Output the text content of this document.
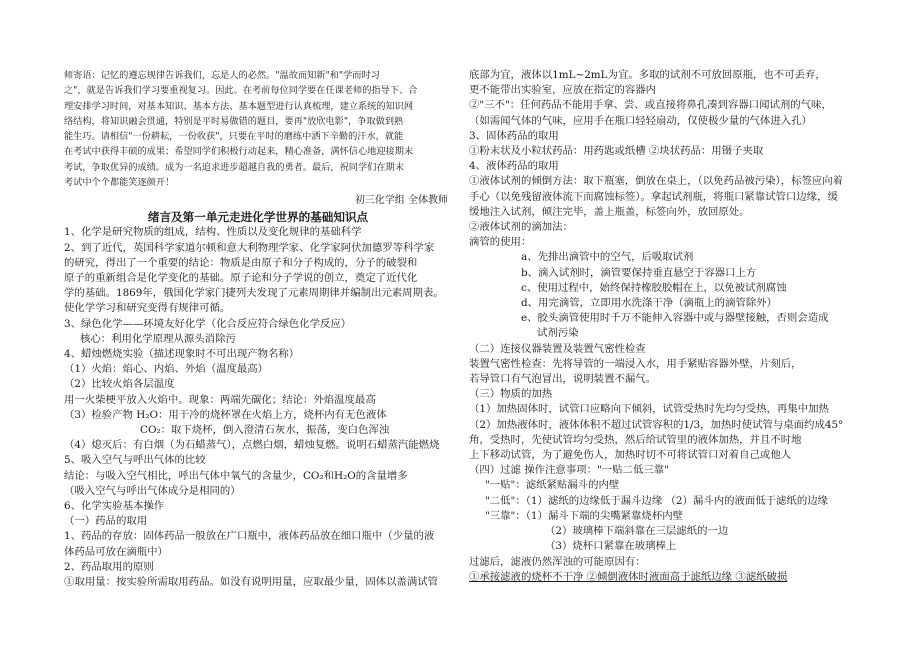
师寄语：记忆的遵忘规律告诉我们，忘是人的必然。"温故而知新"和"学而时习
之"，就是告诉我们学习要重视复习。因此。在考前每位同学要在任课老师的指导下、合
理安排学习时间，对基本知识、基本方法、基本题型进行认真梳理，建立系统的知识网
络结构，将知识融会贯通，特别是平时易做错的题目，要再"放欣电影"，争取做到熟
能生巧。请相信"一份耕耘，一份收获"，只要在平时的磨练中洒下辛勤的汗水，就能
在考试中获得丰硕的成果；希望同学们积极行动起来，精心准备，满怀信心地迎接期末
考试，争取优异的成绩。成为一名追求进步超越自我的勇者。最后，祝同学们在期末
考试中个个都能笑逐颜开！
初三化学组 全体教师
绪言及第一单元走进化学世界的基础知识点
1、化学是研究物质的组成，结构、性质以及变化规律的基础科学
2、到了近代，英国科学家道尔顿和意大利物理学家、化学家阿伏加德罗等科学家
的研究，得出了一个重要的结论：物质是由原子和分子构成的，分子的破裂和
原子的重新组合是化学变化的基础。原子论和分子学说的创立，奠定了近代化
学的基础。1869年，俄国化学家门捷列夫发现了元素周期律并编制出元素周期表。
使化学学习和研究变得有规律可循。
3、绿色化学——环境友好化学（化合反应符合绿色化学反应）
核心：利用化学原理从源头消除污
4、蜡烛燃烧实验（描述现象时不可出现产物名称）
（1）火焰：焰心、内焰、外焰（温度最高）
（2）比较火焰各层温度
用一火柴梗平放入火焰中。现象：两端先碳化；结论：外焰温度最高
（3）检验产物 H₂O：用干冷的烧杯罩在火焰上方，烧杯内有无色液体
CO₂：取下烧杯，倒入澄清石灰水，振荡，变白色浑浊
（4）熄灭后：有白烟（为石蜡蒸气），点燃白烟，蜡烛复燃。说明石蜡蒸汽能燃烧
5、吸入空气与呼出气体的比较
结论：与吸入空气相比，呼出气体中氧气的含量少，CO₂和H₂O的含量增多
（吸入空气与呼出气体成分是相同的）
6、化学实验基本操作
（一）药品的取用
1、药品的存放：固体药品一般放在广口瓶中，液体药品放在细口瓶中（少量的液
体药品可放在滴瓶中）
2、药品取用的原则
①取用量：按实验所需取用药品。如没有说明用量，应取最少量，固体以盖满试管
底部为宜，液体以1mL~2mL为宜。多取的试剂不可放回原瓶，也不可丢弃，
更不能带出实验室，应放在指定的容器内
②"三不"：任何药品不能用手拿、尝、或直接将鼻孔凑到容器口闻试剂的气味，
（如需闻气体的气味，应用手在瓶口轻轻扇动，仅使极少量的气体进入孔）
3、固体药品的取用
①粉末状及小粒状药品：用药匙或纸槽 ②块状药品：用镊子夹取
4、液体药品的取用
①液体试剂的倾倒方法：取下瓶塞，倒放在桌上，（以免药品被污染），标签应向着
手心（以免残留液体流下而腐蚀标签）。拿起试剂瓶，将瓶口紧靠试管口边缘，缓
缓地注入试剂，倾注完毕，盖上瓶盖，标签向外，放回原处。
②液体试剂的滴加法：
滴管的使用：
a、先排出滴管中的空气，后吸取试剂
b、滴入试剂时，滴管要保持垂直悬空于容器口上方
c、使用过程中，始终保持橡胶胶帽在上，以免被试剂腐蚀
d、用完滴管，立即用水洗涤干净（滴瓶上的滴管除外）
e、胶头滴管使用时千万不能伸入容器中或与器壁接触，否则会造成
试剂污染
（二）连接仪器装置及装置气密性检查
装置气密性检查：先将导管的一端浸入水，用手紧贴容器外壁，片刻后，
若导管口有气泡冒出，说明装置不漏气。
（三）物质的加热
（1）加热固体时，试管口应略向下倾斜，试管受热时先均匀受热，再集中加热
（2）加热液体时，液体体积不超过试管容积的1/3，加热时使试管与桌面约成45°
角，受热时，先使试管均匀受热，然后给试管里的液体加热，并且不时地
上下移动试管，为了避免伤人，加热时切不可将试管口对着自己或他人
（四）过滤 操作注意事项："一贴二低三靠"
"一贴"：滤纸紧贴漏斗的内壁
"二低"：（1）滤纸的边缘低于漏斗边缘 （2）漏斗内的液面低于滤纸的边缘
"三靠"：（1）漏斗下端的尖嘴紧靠烧杯内壁
（2）玻璃棒下端斜靠在三层滤纸的一边
（3）烧杯口紧靠在玻璃棒上
过滤后，滤液仍然浑浊的可能原因有：
①承接滤液的烧杯不干净 ②倾倒液体时液面高于滤纸边缘 ③滤纸破损
